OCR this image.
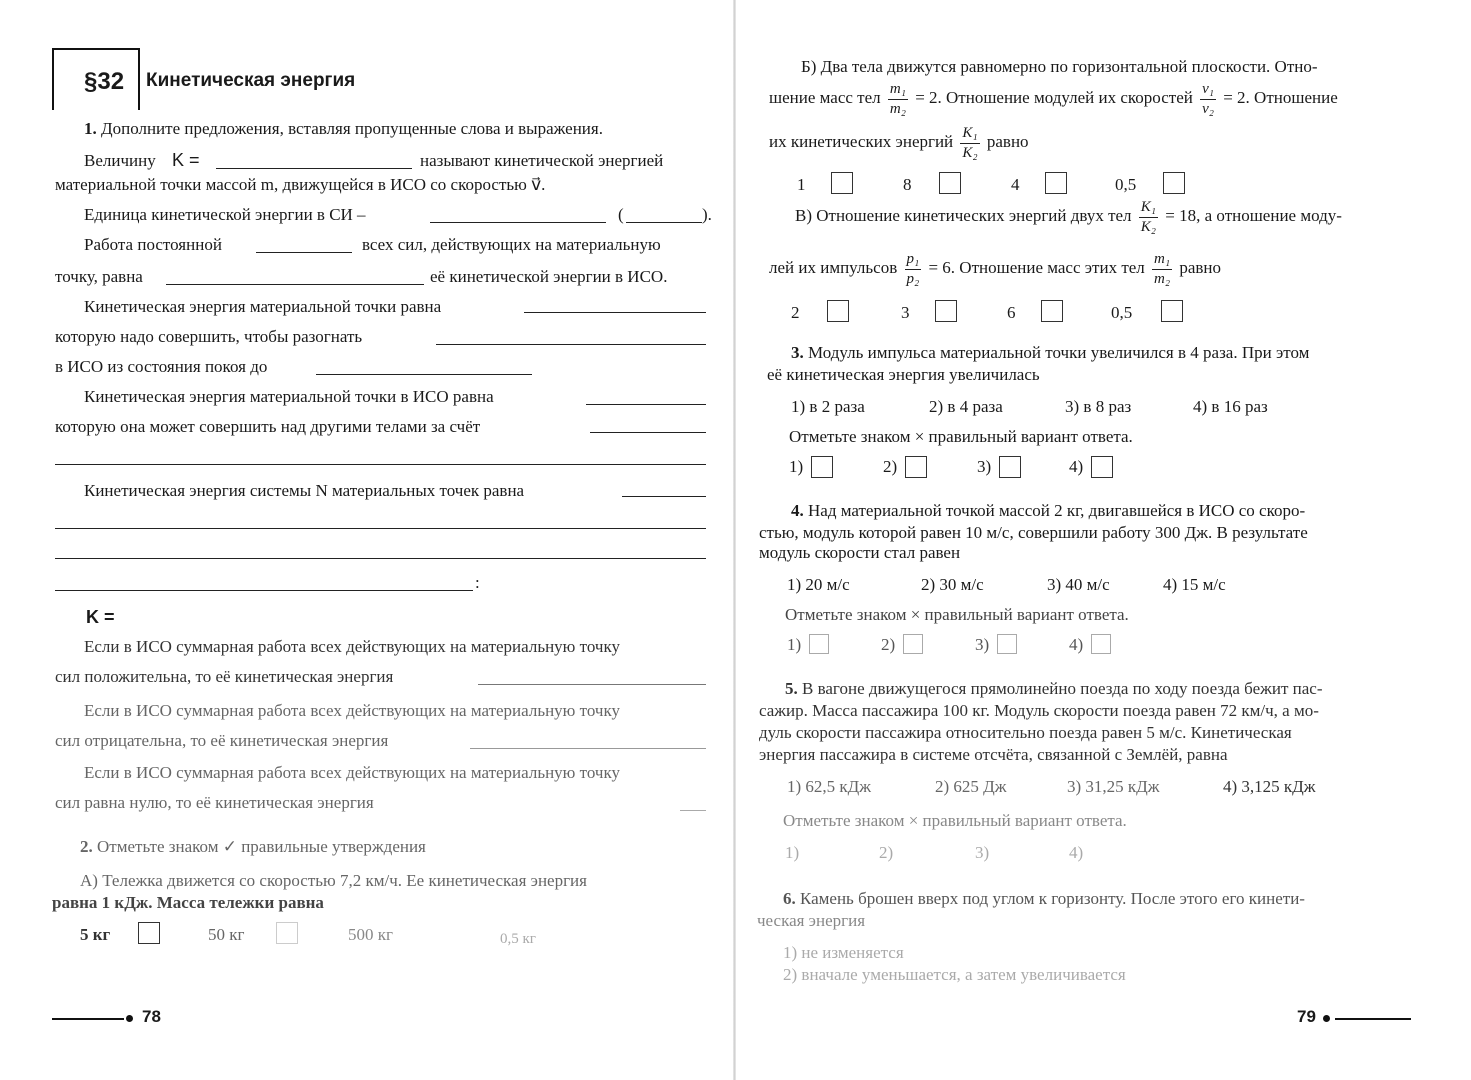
§32 Кинетическая энергия
1. Дополните предложения, вставляя пропущенные слова и выражения.
Величину K =	называют кинетической энергией
материальной точки массой m, движущейся в ИСО со скоростью v⃗.
Единица кинетической энергии в СИ –	(	).
Работа постоянной	всех сил, действующих на материальную
точку, равна	её кинетической энергии в ИСО.
Кинетическая энергия материальной точки равна
которую надо совершить, чтобы разогнать
в ИСО из состояния покоя до
Кинетическая энергия материальной точки в ИСО равна
которую она может совершить над другими телами за счёт
Кинетическая энергия системы N материальных точек равна
:
K =
Если в ИСО суммарная работа всех действующих на материальную точку
сил положительна, то её кинетическая энергия
Если в ИСО суммарная работа всех действующих на материальную точку
сил отрицательна, то её кинетическая энергия
Если в ИСО суммарная работа всех действующих на материальную точку
сил равна нулю, то её кинетическая энергия
2. Отметьте знаком ✓ правильные утверждения
А) Тележка движется со скоростью 7,2 км/ч. Ее кинетическая энергия
равна 1 кДж. Масса тележки равна
5 кг	50 кг	500 кг	0,5 кг
78
Б) Два тела движутся равномерно по горизонтальной плоскости. Отно-
шение масс тел $\frac{\text{m₁}}{\text{m₂}} = 2$. Отношение модулей их скоростей $\frac{\text{v₁}}{\text{v₂}} = 2$. Отношение
их кинетических энергий $\frac{\text{K₁}}{\text{K₂}}$ равно
1	8	4	0,5
В) Отношение кинетических энергий двух тел $\frac{\text{K₁}}{\text{K₂}} = 18$, а отношение моду-
лей их импульсов $\frac{\text{p₁}}{\text{p₂}} = 6$. Отношение масс этих тел $\frac{\text{m₁}}{\text{m₂}}$ равно
2	3	6	0,5
3. Модуль импульса материальной точки увеличился в 4 раза. При этом
её кинетическая энергия увеличилась
1) в 2 раза	2) в 4 раза	3) в 8 раз	4) в 16 раз
Отметьте знаком × правильный вариант ответа.
1)	2)	3)	4)
4. Над материальной точкой массой 2 кг, двигавшейся в ИСО со скоро-
стью, модуль которой равен 10 м/с, совершили работу 300 Дж. В результате
модуль скорости стал равен
1) 20 м/с	2) 30 м/с	3) 40 м/с	4) 15 м/с
Отметьте знаком × правильный вариант ответа.
1)	2)	3)	4)
5. В вагоне движущегося прямолинейно поезда по ходу поезда бежит пас-
сажир. Масса пассажира 100 кг. Модуль скорости поезда равен 72 км/ч, а мо-
дуль скорости пассажира относительно поезда равен 5 м/с. Кинетическая
энергия пассажира в системе отсчёта, связанной с Землёй, равна
1) 62,5 кДж	2) 625 Дж	3) 31,25 кДж	4) 3,125 кДж
Отметьте знаком × правильный вариант ответа.
1)	2)	3)	4)
6. Камень брошен вверх под углом к горизонту. После этого его кинети-
ческая энергия
1) не изменяется
2) вначале уменьшается, а затем увеличивается
79
